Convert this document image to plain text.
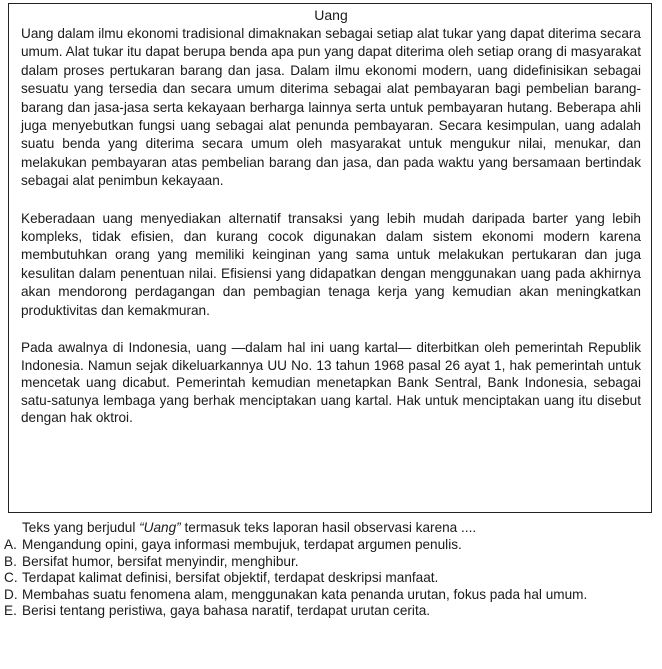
Uang

Uang dalam ilmu ekonomi tradisional dimaknakan sebagai setiap alat tukar yang dapat diterima secara umum. Alat tukar itu dapat berupa benda apa pun yang dapat diterima oleh setiap orang di masyarakat dalam proses pertukaran barang dan jasa. Dalam ilmu ekonomi modern, uang didefinisikan sebagai sesuatu yang tersedia dan secara umum diterima sebagai alat pembayaran bagi pembelian barang-barang dan jasa-jasa serta kekayaan berharga lainnya serta untuk pembayaran hutang. Beberapa ahli juga menyebutkan fungsi uang sebagai alat penunda pembayaran. Secara kesimpulan, uang adalah suatu benda yang diterima secara umum oleh masyarakat untuk mengukur nilai, menukar, dan melakukan pembayaran atas pembelian barang dan jasa, dan pada waktu yang bersamaan bertindak sebagai alat penimbun kekayaan.

Keberadaan uang menyediakan alternatif transaksi yang lebih mudah daripada barter yang lebih kompleks, tidak efisien, dan kurang cocok digunakan dalam sistem ekonomi modern karena membutuhkan orang yang memiliki keinginan yang sama untuk melakukan pertukaran dan juga kesulitan dalam penentuan nilai. Efisiensi yang didapatkan dengan menggunakan uang pada akhirnya akan mendorong perdagangan dan pembagian tenaga kerja yang kemudian akan meningkatkan produktivitas dan kemakmuran.

Pada awalnya di Indonesia, uang —dalam hal ini uang kartal— diterbitkan oleh pemerintah Republik Indonesia. Namun sejak dikeluarkannya UU No. 13 tahun 1968 pasal 26 ayat 1, hak pemerintah untuk mencetak uang dicabut. Pemerintah kemudian menetapkan Bank Sentral, Bank Indonesia, sebagai satu-satunya lembaga yang berhak menciptakan uang kartal. Hak untuk menciptakan uang itu disebut dengan hak oktroi.

Teks yang berjudul “Uang” termasuk teks laporan hasil observasi karena ....

A. Mengandung opini, gaya informasi membujuk, terdapat argumen penulis.
B. Bersifat humor, bersifat menyindir, menghibur.
C. Terdapat kalimat definisi, bersifat objektif, terdapat deskripsi manfaat.
D. Membahas suatu fenomena alam, menggunakan kata penanda urutan, fokus pada hal umum.
E. Berisi tentang peristiwa, gaya bahasa naratif, terdapat urutan cerita.
